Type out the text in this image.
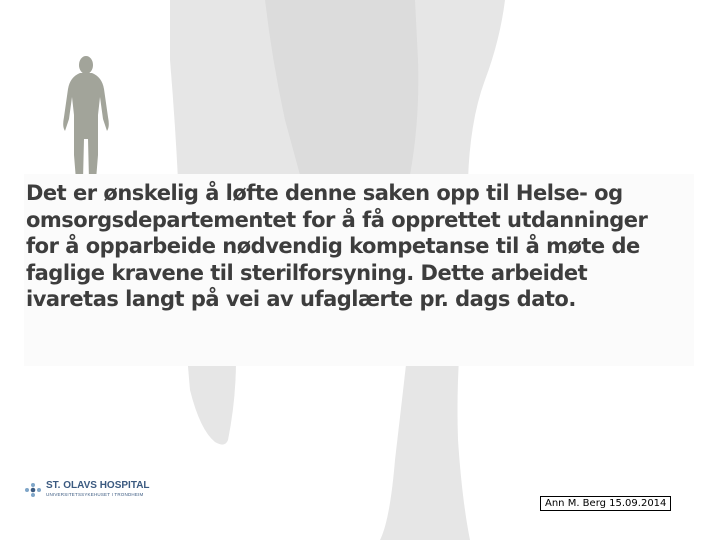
Det er ønskelig å løfte denne saken opp til Helse- og omsorgsdepartementet for å få opprettet utdanninger for å opparbeide nødvendig kompetanse til å møte de faglige kravene til sterilforsyning. Dette arbeidet ivaretas langt på vei av ufaglærte pr. dags dato.

ST. OLAVS HOSPITAL
UNIVERSITETSSYKEHUSET I TRONDHEIM
Ann M. Berg 15.09.2014
